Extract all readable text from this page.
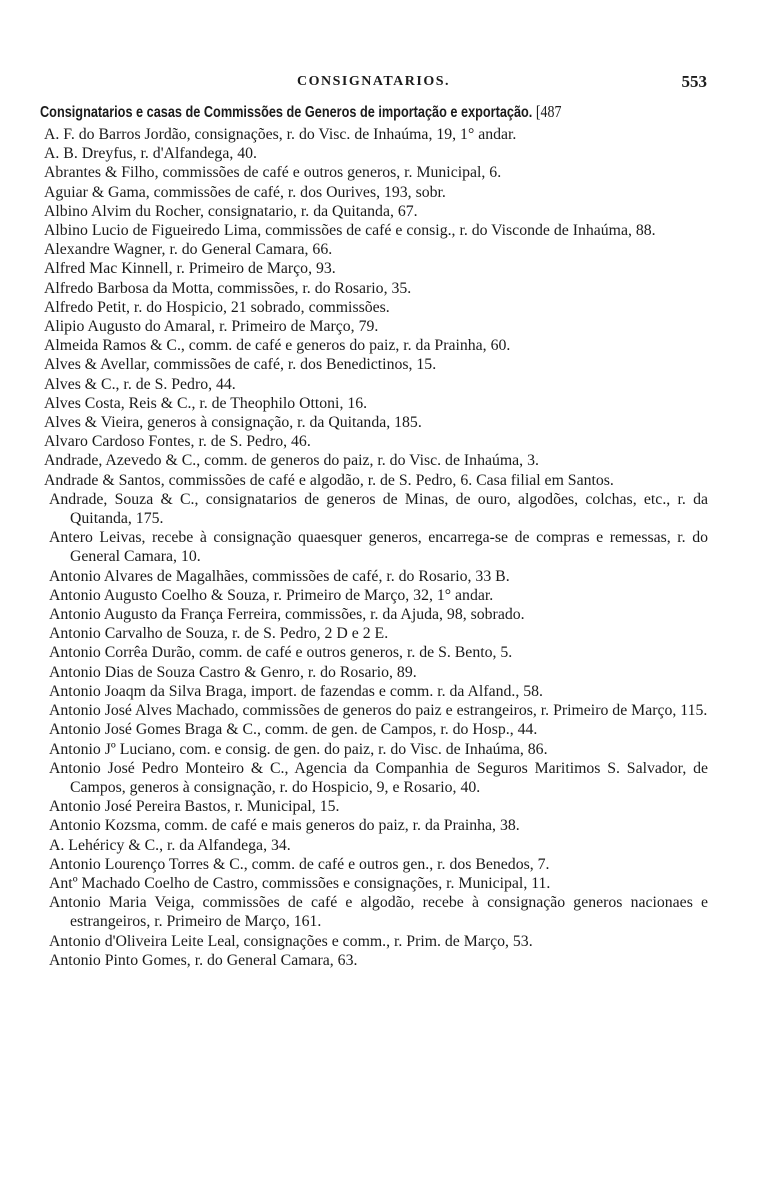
CONSIGNATARIOS.	553
Consignatarios e casas de Commissões de Generos de importação e exportação. [487
A. F. do Barros Jordão, consignações, r. do Visc. de Inhaúma, 19, 1° andar.
A. B. Dreyfus, r. d'Alfandega, 40.
Abrantes & Filho, commissões de café e outros generos, r. Municipal, 6.
Aguiar & Gama, commissões de café, r. dos Ourives, 193, sobr.
Albino Alvim du Rocher, consignatario, r. da Quitanda, 67.
Albino Lucio de Figueiredo Lima, commissões de café e consig., r. do Visconde de Inhaúma, 88.
Alexandre Wagner, r. do General Camara, 66.
Alfred Mac Kinnell, r. Primeiro de Março, 93.
Alfredo Barbosa da Motta, commissões, r. do Rosario, 35.
Alfredo Petit, r. do Hospicio, 21 sobrado, commissões.
Alipio Augusto do Amaral, r. Primeiro de Março, 79.
Almeida Ramos & C., comm. de café e generos do paiz, r. da Prainha, 60.
Alves & Avellar, commissões de café, r. dos Benedictinos, 15.
Alves & C., r. de S. Pedro, 44.
Alves Costa, Reis & C., r. de Theophilo Ottoni, 16.
Alves & Vieira, generos à consignação, r. da Quitanda, 185.
Alvaro Cardoso Fontes, r. de S. Pedro, 46.
Andrade, Azevedo & C., comm. de generos do paiz, r. do Visc. de Inhaúma, 3.
Andrade & Santos, commissões de café e algodão, r. de S. Pedro, 6. Casa filial em Santos.
Andrade, Souza & C., consignatarios de generos de Minas, de ouro, algodões, colchas, etc., r. da Quitanda, 175.
Antero Leivas, recebe à consignação quaesquer generos, encarrega-se de compras e remessas, r. do General Camara, 10.
Antonio Alvares de Magalhães, commissões de café, r. do Rosario, 33 B.
Antonio Augusto Coelho & Souza, r. Primeiro de Março, 32, 1° andar.
Antonio Augusto da França Ferreira, commissões, r. da Ajuda, 98, sobrado.
Antonio Carvalho de Souza, r. de S. Pedro, 2 D e 2 E.
Antonio Corrêa Durão, comm. de café e outros generos, r. de S. Bento, 5.
Antonio Dias de Souza Castro & Genro, r. do Rosario, 89.
Antonio Joaqm da Silva Braga, import. de fazendas e comm. r. da Alfand., 58.
Antonio José Alves Machado, commissões de generos do paiz e estrangeiros, r. Primeiro de Março, 115.
Antonio José Gomes Braga & C., comm. de gen. de Campos, r. do Hosp., 44.
Antonio Jº Luciano, com. e consig. de gen. do paiz, r. do Visc. de Inhaúma, 86.
Antonio José Pedro Monteiro & C., Agencia da Companhia de Seguros Maritimos S. Salvador, de Campos, generos à consignação, r. do Hospicio, 9, e Rosario, 40.
Antonio José Pereira Bastos, r. Municipal, 15.
Antonio Kozsma, comm. de café e mais generos do paiz, r. da Prainha, 38.
A. Lehéricy & C., r. da Alfandega, 34.
Antonio Lourenço Torres & C., comm. de café e outros gen., r. dos Benedos, 7.
Antº Machado Coelho de Castro, commissões e consignações, r. Municipal, 11.
Antonio Maria Veiga, commissões de café e algodão, recebe à consignação generos nacionaes e estrangeiros, r. Primeiro de Março, 161.
Antonio d'Oliveira Leite Leal, consignações e comm., r. Prim. de Março, 53.
Antonio Pinto Gomes, r. do General Camara, 63.
